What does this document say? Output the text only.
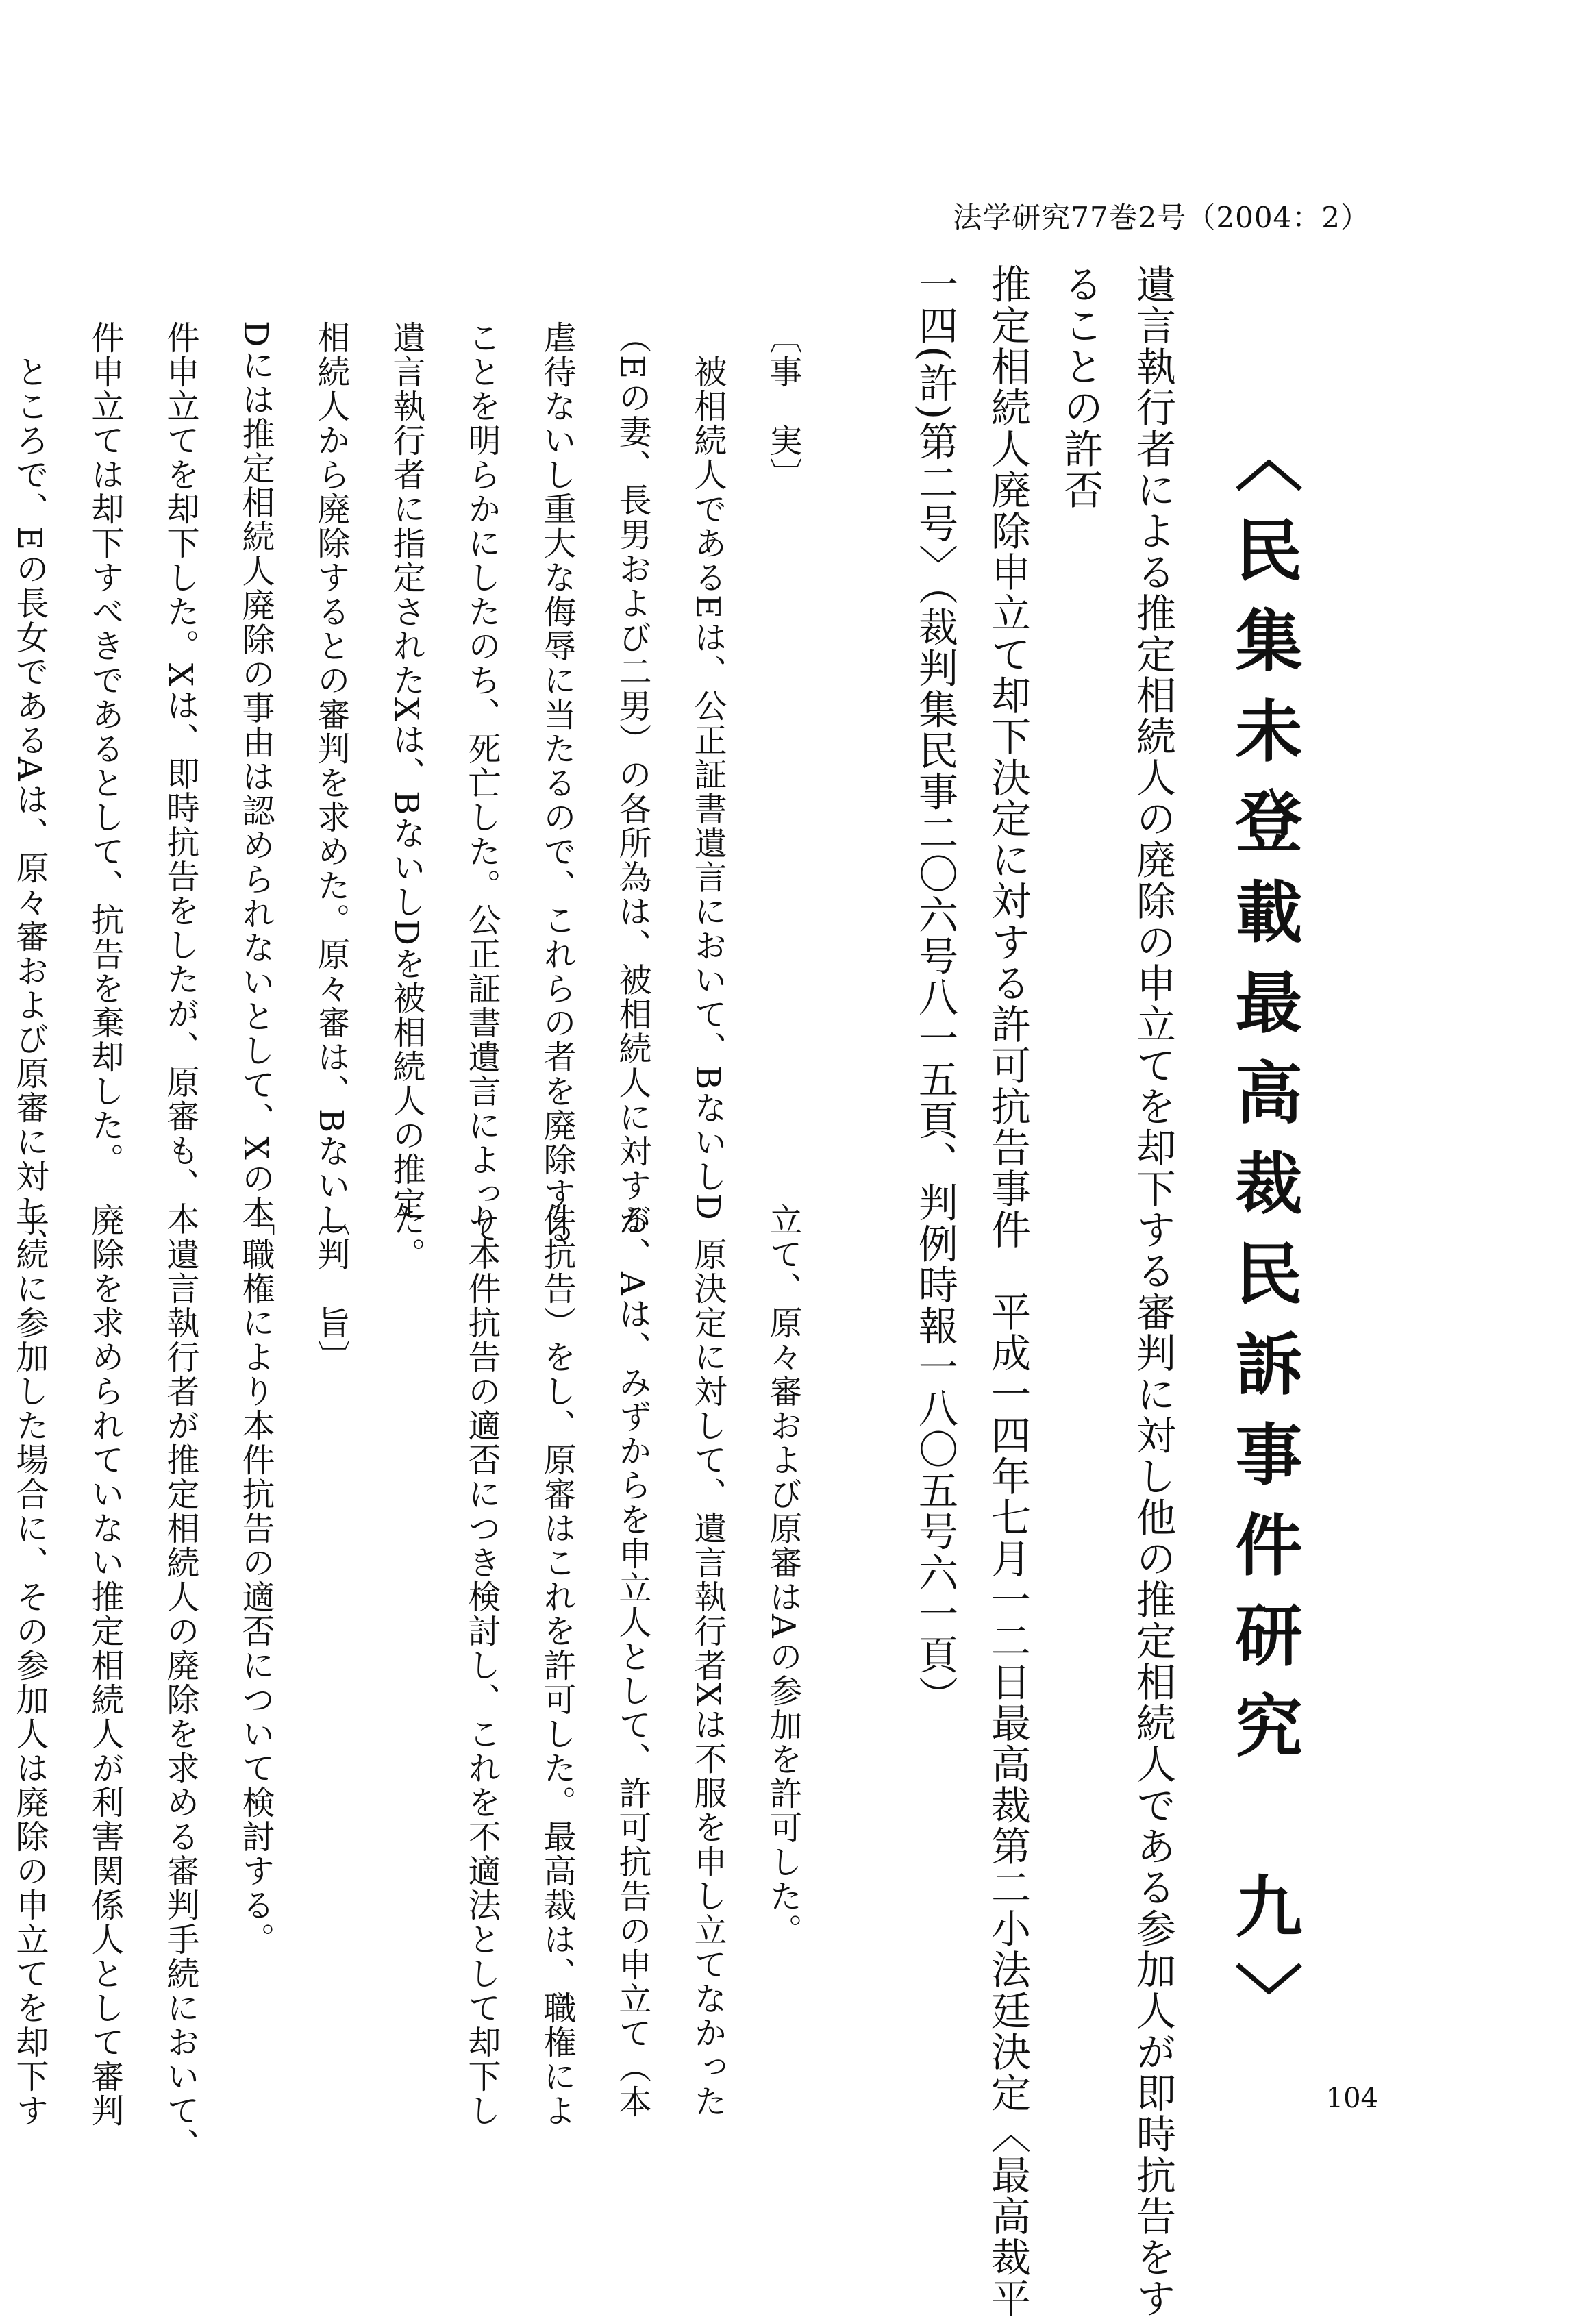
法学研究77巻2号（2004：2）
〈民集未登載最高裁民訴事件研究　九〉

遺言執行者による推定相続人の廃除の申立てを却下する審判に対し他の推定相続人である参加人が即時抗告をす

ることの許否

推定相続人廃除申立て却下決定に対する許可抗告事件　平成一四年七月一二日最高裁第二小法廷決定〈最高裁平

一四(許)第二号〉（裁判集民事二〇六号八一五頁、判例時報一八〇五号六一頁）

〔事　実〕
　被相続人であるEは、公正証書遺言において、BないしD
（Eの妻、長男および二男）の各所為は、被相続人に対する
虐待ないし重大な侮辱に当たるので、これらの者を廃除する
ことを明らかにしたのち、死亡した。公正証書遺言によって
遺言執行者に指定されたXは、BないしDを被相続人の推定
相続人から廃除するとの審判を求めた。原々審は、Bないし
Dには推定相続人廃除の事由は認められないとして、Xの本
件申立てを却下した。Xは、即時抗告をしたが、原審も、本
件申立ては却下すべきであるとして、抗告を棄却した。
　ところで、Eの長女であるAは、原々審および原審に対し、
立て、原々審および原審はAの参加を許可した。
　原決定に対して、遺言執行者Xは不服を申し立てなかった
が、Aは、みずからを申立人として、許可抗告の申立て（本
件抗告）をし、原審はこれを許可した。最高裁は、職権によ
り本件抗告の適否につき検討し、これを不適法として却下し
た。
〔判　旨〕
「職権により本件抗告の適否について検討する。
　遺言執行者が推定相続人の廃除を求める審判手続において、
廃除を求められていない推定相続人が利害関係人として審判
手続に参加した場合に、その参加人は廃除の申立てを却下す	104
